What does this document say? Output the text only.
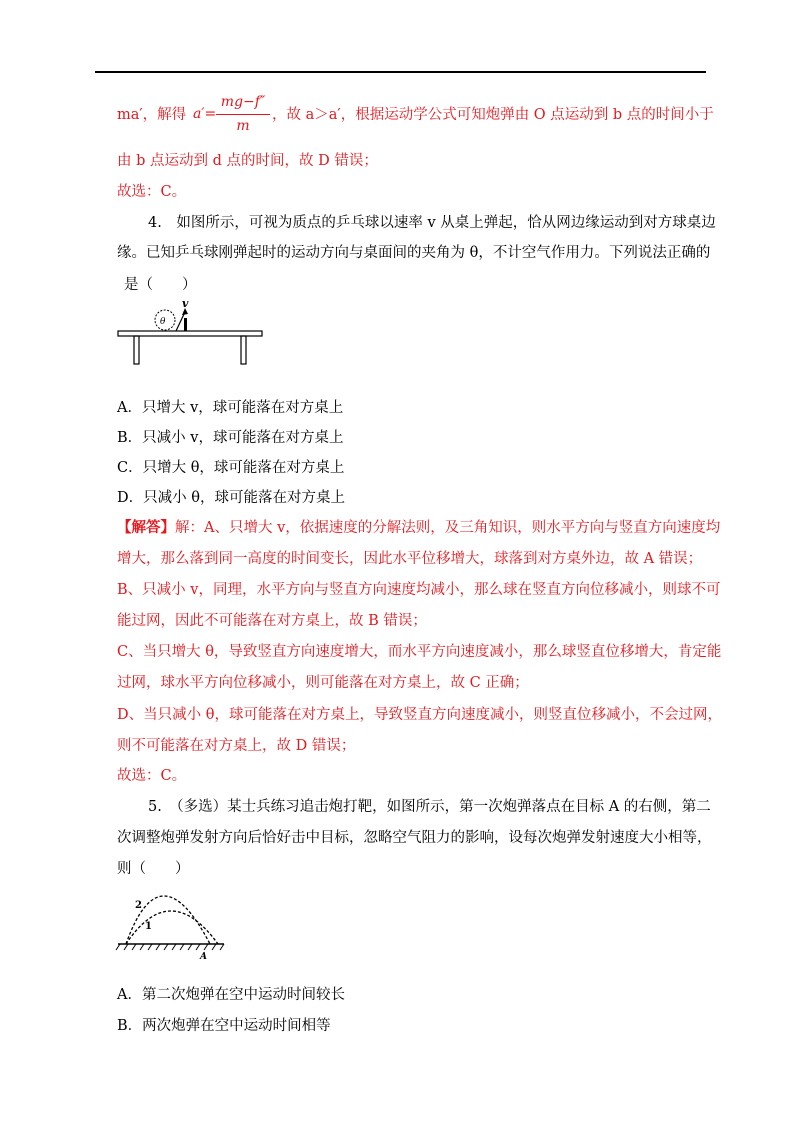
ma′，解得 a′=
mg−f″
m
，故 a＞a′，根据运动学公式可知炮弹由 O 点运动到 b 点的时间小于
由 b 点运动到 d 点的时间，故 D 错误；
故选：C。
4.　如图所示，可视为质点的乒乓球以速率 v 从桌上弹起，恰从网边缘运动到对方球桌边
缘。已知乒乓球刚弹起时的运动方向与桌面间的夹角为 θ，不计空气作用力。下列说法正确的
是（　　）
v
θ
A．只增大 v，球可能落在对方桌上
B．只减小 v，球可能落在对方桌上
C．只增大 θ，球可能落在对方桌上
D．只减小 θ，球可能落在对方桌上
【解答】解：A、只增大 v，依据速度的分解法则，及三角知识，则水平方向与竖直方向速度均
增大，那么落到同一高度的时间变长，因此水平位移增大，球落到对方桌外边，故 A 错误；
B、只减小 v，同理，水平方向与竖直方向速度均减小，那么球在竖直方向位移减小，则球不可
能过网，因此不可能落在对方桌上，故 B 错误；
C、当只增大 θ，导致竖直方向速度增大，而水平方向速度减小，那么球竖直位移增大，肯定能
过网，球水平方向位移减小，则可能落在对方桌上，故 C 正确；
D、当只减小 θ，球可能落在对方桌上，导致竖直方向速度减小，则竖直位移减小，不会过网，
则不可能落在对方桌上，故 D 错误；
故选：C。
5.　（多选）某士兵练习追击炮打靶，如图所示，第一次炮弹落点在目标 A 的右侧，第二
次调整炮弹发射方向后恰好击中目标，忽略空气阻力的影响，设每次炮弹发射速度大小相等，
则（　　）
2
1
A
A．第二次炮弹在空中运动时间较长
B．两次炮弹在空中运动时间相等
